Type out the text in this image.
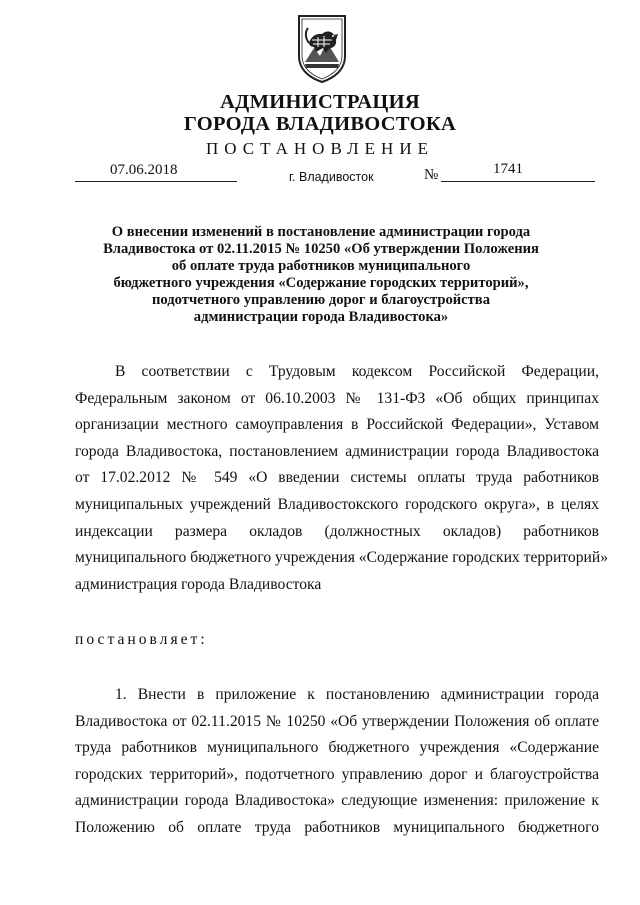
АДМИНИСТРАЦИЯ
ГОРОДА ВЛАДИВОСТОКА
ПОСТАНОВЛЕНИЕ
07.06.2018	г. Владивосток	№	1741
О внесении изменений в постановление администрации города
Владивостока от 02.11.2015 № 10250 «Об утверждении Положения
об оплате труда работников муниципального
бюджетного учреждения «Содержание городских территорий»,
подотчетного управлению дорог и благоустройства
администрации города Владивостока»
В соответствии с Трудовым кодексом Российской Федерации,
Федеральным законом от 06.10.2003 № 131-ФЗ «Об общих принципах
организации местного самоуправления в Российской Федерации», Уставом
города Владивостока, постановлением администрации города Владивостока
от 17.02.2012 № 549 «О введении системы оплаты труда работников
муниципальных учреждений Владивостокского городского округа», в целях
индексации размера окладов (должностных окладов) работников
муниципального бюджетного учреждения «Содержание городских территорий»
администрация города Владивостока
постановляет:
1. Внести в приложение к постановлению администрации города
Владивостока от 02.11.2015 № 10250 «Об утверждении Положения об оплате
труда работников муниципального бюджетного учреждения «Содержание
городских территорий», подотчетного управлению дорог и благоустройства
администрации города Владивостока» следующие изменения: приложение к
Положению об оплате труда работников муниципального бюджетного
